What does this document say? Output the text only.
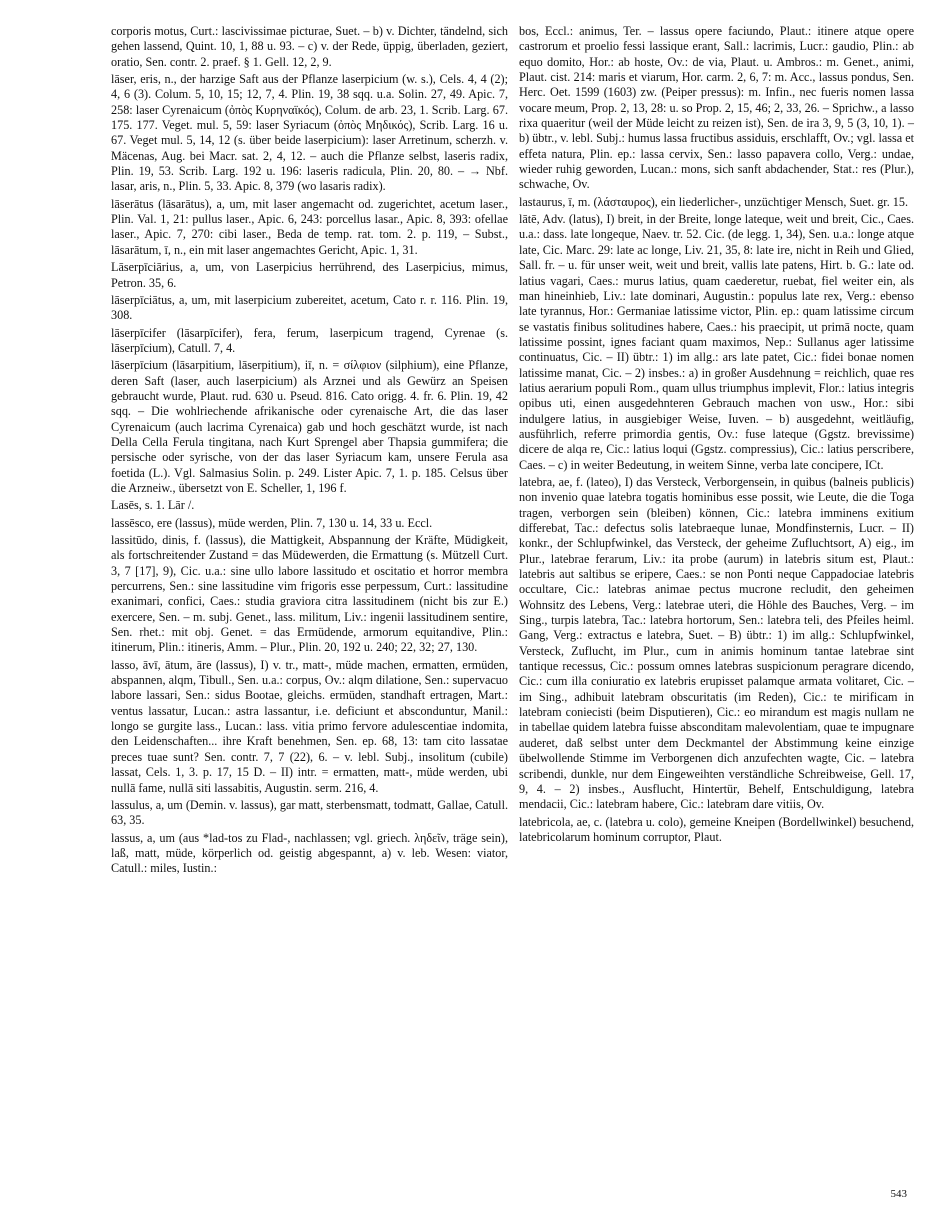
corporis motus, Curt.: lascivissimae picturae, Suet. – b) v. Dichter, tändelnd, sich gehen lassend, Quint. 10, 1, 88 u. 93. – c) v. der Rede, üppig, überladen, geziert, oratio, Sen. contr. 2. praef. § 1. Gell. 12, 2, 9.

lāser, eris, n., der harzige Saft aus der Pflanze laserpicium (w. s.), Cels. 4, 4 (2); 4, 6 (3). Colum. 5, 10, 15; 12, 7, 4. Plin. 19, 38 sqq. u.a. Solin. 27, 49. Apic. 7, 258: laser Cyrenaicum (ὀπὸς Κυρηναϊκός), Colum. de arb. 23, 1. Scrib. Larg. 67. 175. 177. Veget. mul. 5, 59: laser Syriacum (ὀπὸς Μηδικός), Scrib. Larg. 16 u. 67. Veget mul. 5, 14, 12 (s. über beide laserpicium): laser Arretinum, scherzh. v. Mäcenas, Aug. bei Macr. sat. 2, 4, 12. – auch die Pflanze selbst, laseris radix, Plin. 19, 53. Scrib. Larg. 192 u. 196: laseris radicula, Plin. 20, 80. – → Nbf. lasar, aris, n., Plin. 5, 33. Apic. 8, 379 (wo lasaris radix).

lāserātus (lāsarātus), a, um, mit laser angemacht od. zugerichtet, acetum laser., Plin. Val. 1, 21: pullus laser., Apic. 6, 243: porcellus lasar., Apic. 8, 393: ofellae laser., Apic. 7, 270: cibi laser., Beda de temp. rat. tom. 2. p. 119, – Subst., lāsarātum, ī, n., ein mit laser angemachtes Gericht, Apic. 1, 31.

Lāserpīciārius, a, um, von Laserpicius herrührend, des Laserpicius, mimus, Petron. 35, 6.

lāserpīciātus, a, um, mit laserpicium zubereitet, acetum, Cato r. r. 116. Plin. 19, 308.

lāserpīcifer (lāsarpīcifer), fera, ferum, laserpicum tragend, Cyrenae (s. lāserpīcium), Catull. 7, 4.

lāserpīcium (lāsarpitium, lāserpitium), iī, n. = σίλφιον (silphium), eine Pflanze, deren Saft (laser, auch laserpicium) als Arznei und als Gewürz an Speisen gebraucht wurde, Plaut. rud. 630 u. Pseud. 816. Cato origg. 4. fr. 6. Plin. 19, 42 sqq. – Die wohlriechende afrikanische oder cyrenaische Art, die das laser Cyrenaicum (auch lacrima Cyrenaica) gab und hoch geschätzt wurde, ist nach Della Cella Ferula tingitana, nach Kurt Sprengel aber Thapsia gummifera; die persische oder syrische, von der das laser Syriacum kam, unsere Ferula asa foetida (L.). Vgl. Salmasius Solin. p. 249. Lister Apic. 7, 1. p. 185. Celsus über die Arzneiw., übersetzt von E. Scheller, 1, 196 f.

Lasēs, s. 1. Lār /.

lassēsco, ere (lassus), müde werden, Plin. 7, 130 u. 14, 33 u. Eccl.

lassitūdo, dinis, f. (lassus), die Mattigkeit, Abspannung der Kräfte, Müdigkeit, als fortschreitender Zustand = das Müdewerden, die Ermattung (s. Mützell Curt. 3, 7 [17], 9), Cic. u.a.: sine ullo labore lassitudo et oscitatio et horror membra percurrens, Sen.: sine lassitudine vim frigoris esse perpessum, Curt.: lassitudine exanimari, confici, Caes.: studia graviora citra lassitudinem (nicht bis zur E.) exercere, Sen. – m. subj. Genet., lass. militum, Liv.: ingenii lassitudinem sentire, Sen. rhet.: mit obj. Genet. = das Ermüdende, armorum equitandive, Plin.: itinerum, Plin.: itineris, Amm. – Plur., Plin. 20, 192 u. 240; 22, 32; 27, 130.

lasso, āvī, ātum, āre (lassus), I) v. tr., matt-, müde machen, ermatten, ermüden, abspannen, alqm, Tibull., Sen. u.a.: corpus, Ov.: alqm dilatione, Sen.: supervacuo labore lassari, Sen.: sidus Bootae, gleichs. ermüden, standhaft ertragen, Mart.: ventus lassatur, Lucan.: astra lassantur, i.e. deficiunt et absconduntur, Manil.: longo se gurgite lass., Lucan.: lass. vitia primo fervore adulescentiae indomita, den Leidenschaften... ihre Kraft benehmen, Sen. ep. 68, 13: tam cito lassatae preces tuae sunt? Sen. contr. 7, 7 (22), 6. – v. lebl. Subj., insolitum (cubile) lassat, Cels. 1, 3. p. 17, 15 D. – II) intr. = ermatten, matt-, müde werden, ubi nullā fame, nullā siti lassabitis, Augustin. serm. 216, 4.

lassulus, a, um (Demin. v. lassus), gar matt, sterbensmatt, todmatt, Gallae, Catull. 63, 35.

lassus, a, um (aus *lad-tos zu Flad-, nachlassen; vgl. griech. ληδεῖν, träge sein), laß, matt, müde, körperlich od. geistig abgespannt, a) v. leb. Wesen: viator, Catull.: miles, Iustin.:

bos, Eccl.: animus, Ter. – lassus opere faciundo, Plaut.: itinere atque opere castrorum et proelio fessi lassique erant, Sall.: lacrimis, Lucr.: gaudio, Plin.: ab equo domito, Hor.: ab hoste, Ov.: de via, Plaut. u. Ambros.: m. Genet., animi, Plaut. cist. 214: maris et viarum, Hor. carm. 2, 6, 7: m. Acc., lassus pondus, Sen. Herc. Oet. 1599 (1603) zw. (Peiper pressus): m. Infin., nec fueris nomen lassa vocare meum, Prop. 2, 13, 28: u. so Prop. 2, 15, 46; 2, 33, 26. – Sprichw., a lasso rixa quaeritur (weil der Müde leicht zu reizen ist), Sen. de ira 3, 9, 5 (3, 10, 1). – b) übtr., v. lebl. Subj.: humus lassa fructibus assiduis, erschlafft, Ov.; vgl. lassa et effeta natura, Plin. ep.: lassa cervix, Sen.: lasso papavera collo, Verg.: undae, wieder ruhig geworden, Lucan.: mons, sich sanft abdachender, Stat.: res (Plur.), schwache, Ov.

lastaurus, ī, m. (λάσταυρος), ein liederlicher-, unzüchtiger Mensch, Suet. gr. 15.

lātē, Adv. (latus), I) breit, in der Breite, longe lateque, weit und breit, Cic., Caes. u.a.: dass. late longeque, Naev. tr. 52. Cic. (de legg. 1, 34), Sen. u.a.: longe atque late, Cic. Marc. 29: late ac longe, Liv. 21, 35, 8: late ire, nicht in Reih und Glied, Sall. fr. – u. für unser weit, weit und breit, vallis late patens, Hirt. b. G.: late od. latius vagari, Caes.: murus latius, quam caederetur, ruebat, fiel weiter ein, als man hineinhieb, Liv.: late dominari, Augustin.: populus late rex, Verg.: ebenso late tyrannus, Hor.: Germaniae latissime victor, Plin. ep.: quam latissime circum se vastatis finibus solitudines habere, Caes.: his praecipit, ut primā nocte, quam latissime possint, ignes faciant quam maximos, Nep.: Sullanus ager latissime continuatus, Cic. – II) übtr.: 1) im allg.: ars late patet, Cic.: fidei bonae nomen latissime manat, Cic. – 2) insbes.: a) in großer Ausdehnung = reichlich, quae res latius aerarium populi Rom., quam ullus triumphus implevit, Flor.: latius integris opibus uti, einen ausgedehnteren Gebrauch machen von usw., Hor.: sibi indulgere latius, in ausgiebiger Weise, Iuven. – b) ausgedehnt, weitläufig, ausführlich, referre primordia gentis, Ov.: fuse lateque (Ggstz. brevissime) dicere de alqa re, Cic.: latius loqui (Ggstz. compressius), Cic.: latius perscribere, Caes. – c) in weiter Bedeutung, in weitem Sinne, verba late concipere, ICt.

latebra, ae, f. (lateo), I) das Versteck, Verborgensein, in quibus (balneis publicis) non invenio quae latebra togatis hominibus esse possit, wie Leute, die die Toga tragen, verborgen sein (bleiben) können, Cic.: latebra imminens exitium differebat, Tac.: defectus solis latebraeque lunae, Mondfinsternis, Lucr. – II) konkr., der Schlupfwinkel, das Versteck, der geheime Zufluchtsort, A) eig., im Plur., latebrae ferarum, Liv.: ita probe (aurum) in latebris situm est, Plaut.: latebris aut saltibus se eripere, Caes.: se non Ponti neque Cappadociae latebris occultare, Cic.: latebras animae pectus mucrone recludit, den geheimen Wohnsitz des Lebens, Verg.: latebrae uteri, die Höhle des Bauches, Verg. – im Sing., turpis latebra, Tac.: latebra hortorum, Sen.: latebra teli, des Pfeiles heiml. Gang, Verg.: extractus e latebra, Suet. – B) übtr.: 1) im allg.: Schlupfwinkel, Versteck, Zuflucht, im Plur., cum in animis hominum tantae latebrae sint tantique recessus, Cic.: possum omnes latebras suspicionum peragrare dicendo, Cic.: cum illa coniuratio ex latebris erupisset palamque armata volitaret, Cic. – im Sing., adhibuit latebram obscuritatis (im Reden), Cic.: te mirificam in latebram coniecisti (beim Disputieren), Cic.: eo mirandum est magis nullam ne in tabellae quidem latebra fuisse absconditam malevolentiam, quae te impugnare auderet, daß selbst unter dem Deckmantel der Abstimmung keine einzige übelwollende Stimme im Verborgenen dich anzufechten wagte, Cic. – latebra scribendi, dunkle, nur dem Eingeweihten verständliche Schreibweise, Gell. 17, 9, 4. – 2) insbes., Ausflucht, Hintertür, Behelf, Entschuldigung, latebra mendacii, Cic.: latebram habere, Cic.: latebram dare vitiis, Ov.

latebricola, ae, c. (latebra u. colo), gemeine Kneipen (Bordellwinkel) besuchend, latebricolarum hominum corruptor, Plaut.

543
